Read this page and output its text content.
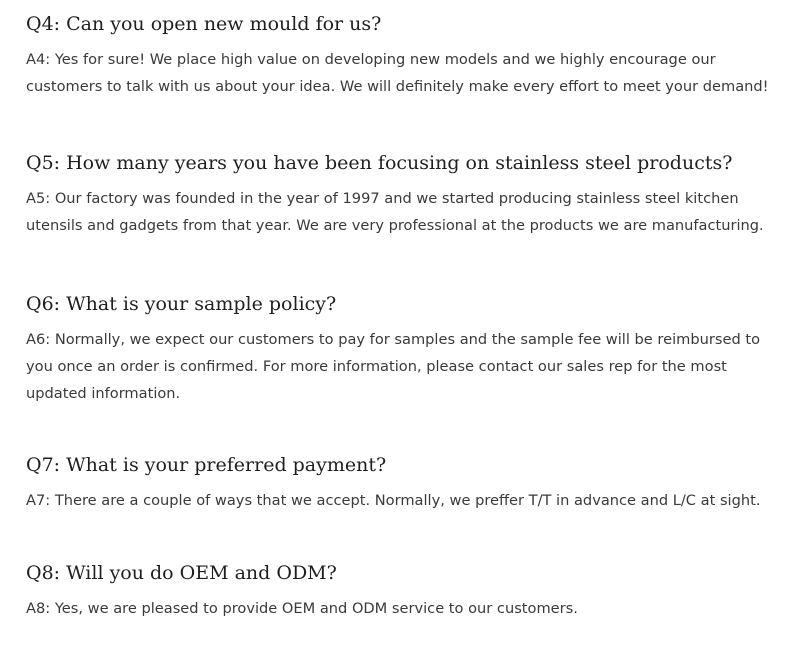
Q4: Can you open new mould for us?

A4: Yes for sure! We place high value on developing new models and we highly encourage our customers to talk with us about your idea. We will definitely make every effort to meet your demand!

Q5: How many years you have been focusing on stainless steel products?

A5: Our factory was founded in the year of 1997 and we started producing stainless steel kitchen utensils and gadgets from that year. We are very professional at the products we are manufacturing.

Q6: What is your sample policy?

A6: Normally, we expect our customers to pay for samples and the sample fee will be reimbursed to you once an order is confirmed. For more information, please contact our sales rep for the most updated information.

Q7: What is your preferred payment?

A7: There are a couple of ways that we accept. Normally, we preffer T/T in advance and L/C at sight.

Q8: Will you do OEM and ODM?

A8: Yes, we are pleased to provide OEM and ODM service to our customers.
